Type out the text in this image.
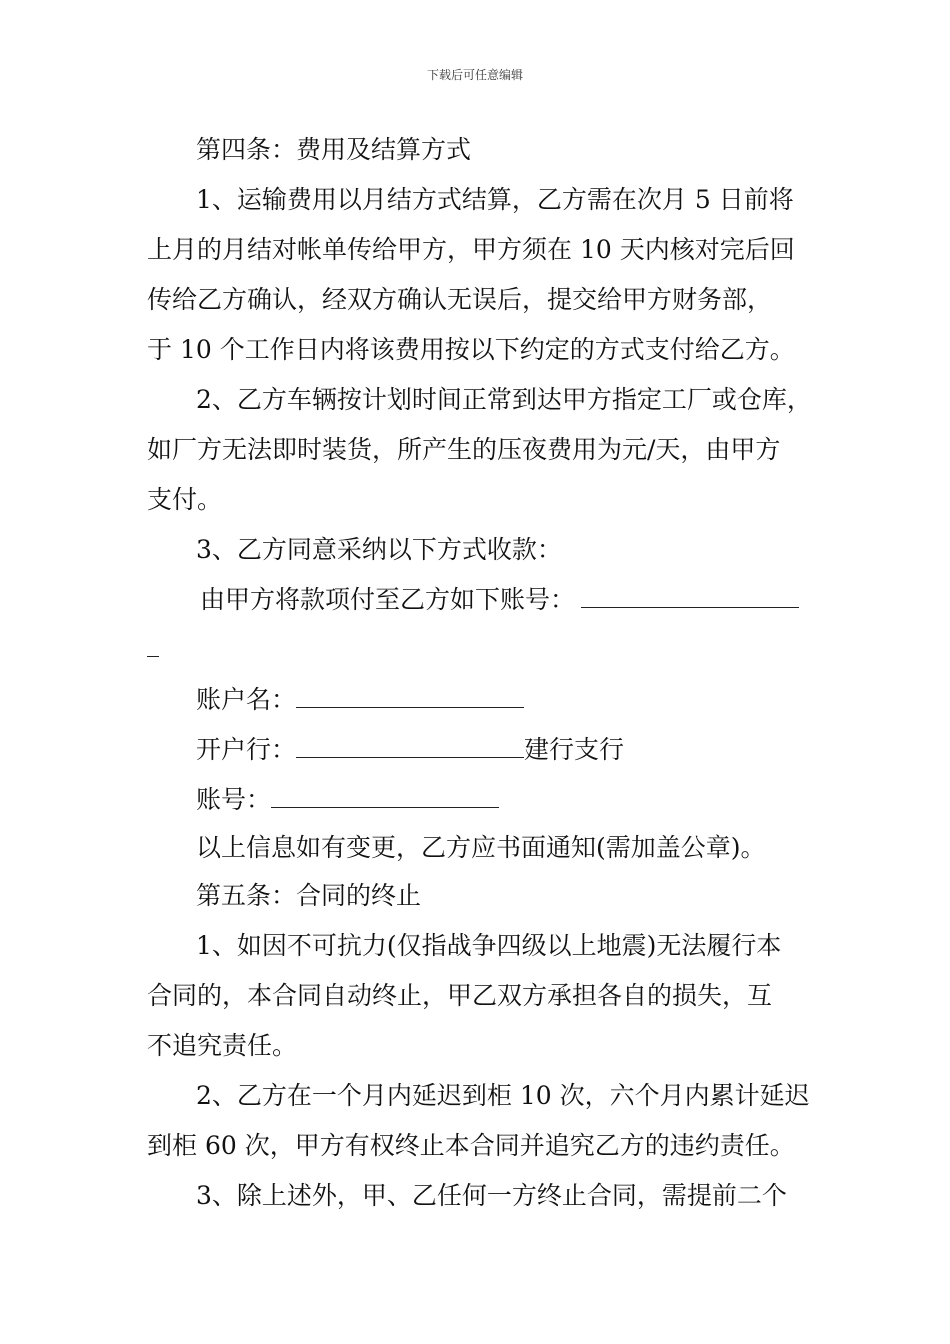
下载后可任意编辑
第四条：费用及结算方式
1、运输费用以月结方式结算，乙方需在次月 5 日前将
上月的月结对帐单传给甲方，甲方须在 10 天内核对完后回
传给乙方确认，经双方确认无误后，提交给甲方财务部，
于 10 个工作日内将该费用按以下约定的方式支付给乙方。
2、乙方车辆按计划时间正常到达甲方指定工厂或仓库，
如厂方无法即时装货，所产生的压夜费用为元/天，由甲方
支付。
3、乙方同意采纳以下方式收款：
由甲方将款项付至乙方如下账号：
账户名：
开户行：	建行支行
账号：
以上信息如有变更，乙方应书面通知(需加盖公章)。
第五条：合同的终止
1、如因不可抗力(仅指战争四级以上地震)无法履行本
合同的，本合同自动终止，甲乙双方承担各自的损失，互
不追究责任。
2、乙方在一个月内延迟到柜 10 次，六个月内累计延迟
到柜 60 次，甲方有权终止本合同并追究乙方的违约责任。
3、除上述外，甲、乙任何一方终止合同，需提前二个
